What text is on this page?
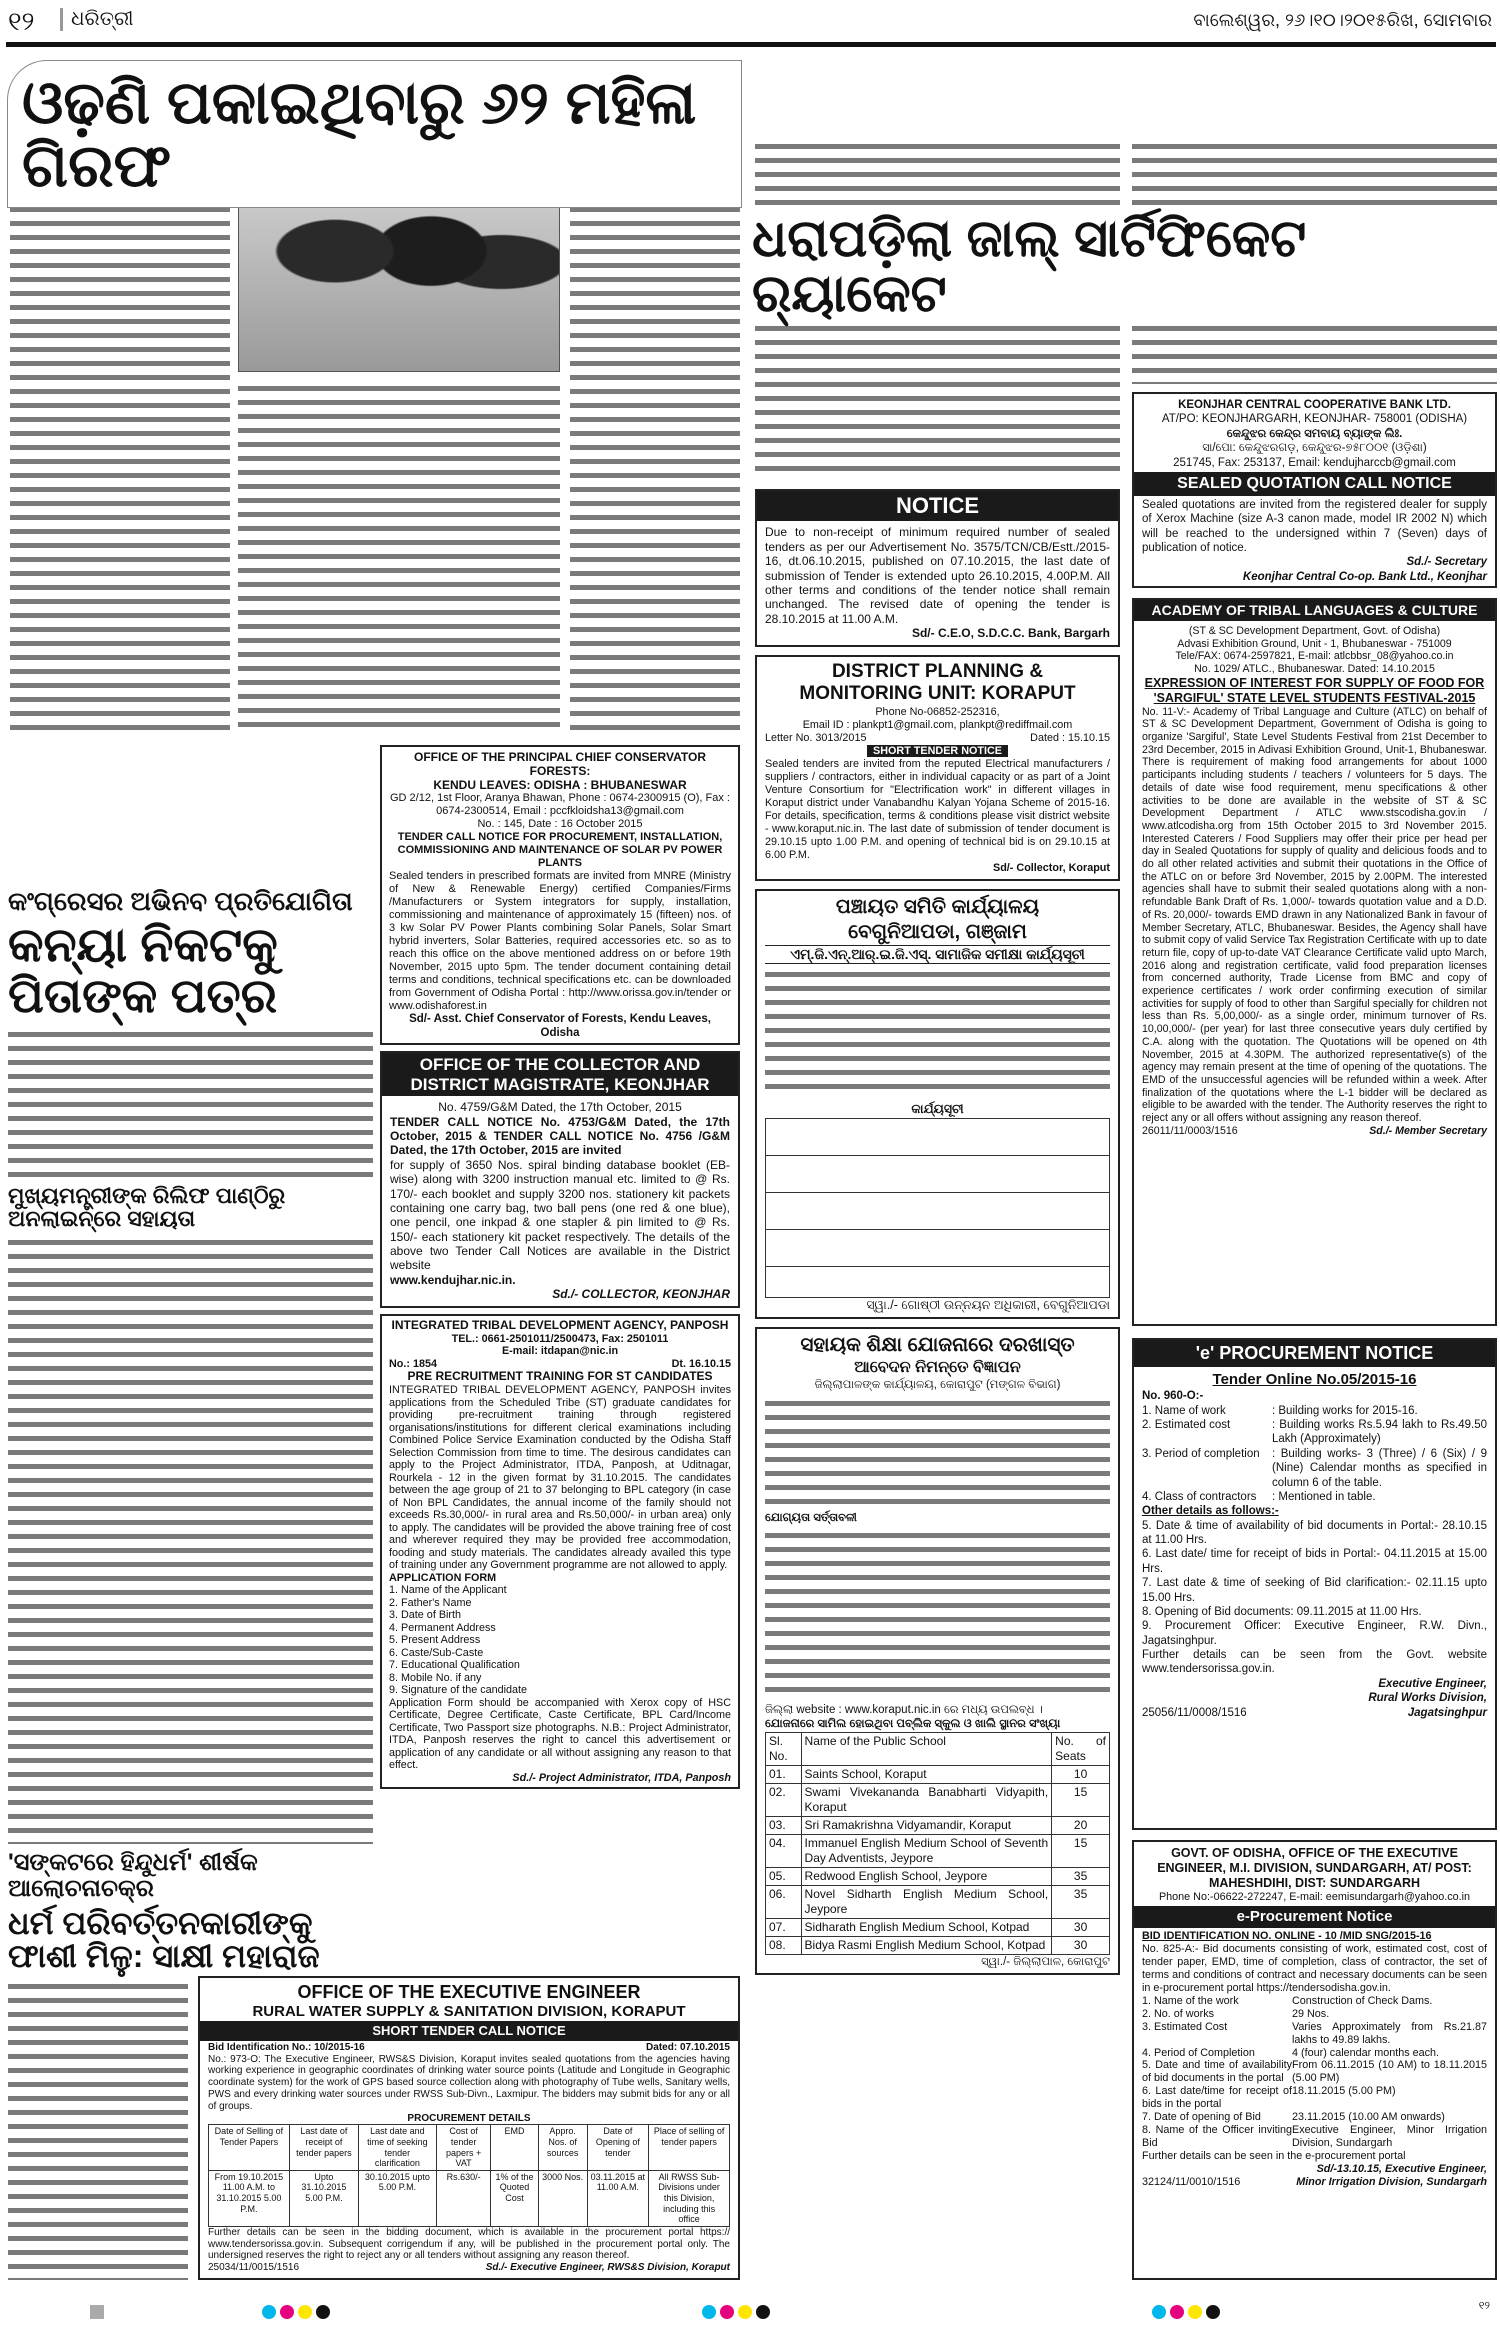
୧୨	ଧରିତ୍ରୀ	ବାଲେଶ୍ୱର, ୨୬।୧୦।୨୦୧୫ରିଖ, ସୋମବାର
ଓଢ଼ଣି ପକାଇଥିବାରୁ ୬୨ ମହିଳା ଗିରଫ
ଧରାପଡ଼ିଲା ଜାଲ୍ ସାର୍ଟିଫିକେଟ ର‌୍ୟାକେଟ
କଂଗ୍ରେସର ଅଭିନବ ପ୍ରତିଯୋଗିତା
କନ୍ୟା ନିକଟକୁ ପିତାଙ୍କ ପତ୍ର
ମୁଖ୍ୟମନ୍ତ୍ରୀଙ୍କ ରିଲିଫ ପାଣ୍ଠିରୁ ଅନଲାଇନ୍‌ରେ ସହାୟତା
'ସଙ୍କଟରେ ହିନ୍ଦୁଧର୍ମ' ଶୀର୍ଷକ ଆଲୋଚନାଚକ୍ର
ଧର୍ମ ପରିବର୍ତ୍ତନକାରୀଙ୍କୁ ଫାଶୀ ମିଳୁ: ସାକ୍ଷୀ ମହାରାଜ
OFFICE OF THE PRINCIPAL CHIEF CONSERVATOR FORESTS:
KENDU LEAVES: ODISHA : BHUBANESWAR
GD 2/12, 1st Floor, Aranya Bhawan, Phone : 0674-2300915 (O), Fax : 0674-2300514, Email : pccfkloidsha13@gmail.com
No. : 145, Date : 16 October 2015
TENDER CALL NOTICE FOR PROCUREMENT, INSTALLATION, COMMISSIONING AND MAINTENANCE OF SOLAR PV POWER PLANTS
Sealed tenders in prescribed formats are invited from MNRE (Ministry of New & Renewable Energy) certified Companies/Firms /Manufacturers or System integrators for supply, installation, commissioning and maintenance of approximately 15 (fifteen) nos. of 3 kw Solar PV Power Plants combining Solar Panels, Solar Smart hybrid inverters, Solar Batteries, required accessories etc. so as to reach this office on the above mentioned address on or before 19th November, 2015 upto 5pm. The tender document containing detail terms and conditions, technical specifications etc. can be downloaded from Government of Odisha Portal : http://www.orissa.gov.in/tender or www.odishaforest.in
Sd/- Asst. Chief Conservator of Forests, Kendu Leaves, Odisha
OFFICE OF THE COLLECTOR AND DISTRICT MAGISTRATE, KEONJHAR
No. 4759/G&M Dated, the 17th October, 2015
TENDER CALL NOTICE No. 4753/G&M Dated, the 17th October, 2015 & TENDER CALL NOTICE No. 4756 /G&M Dated, the 17th October, 2015 are invited
for supply of 3650 Nos. spiral binding database booklet (EB-wise) along with 3200 instruction manual etc. limited to @ Rs. 170/- each booklet and supply 3200 nos. stationery kit packets containing one carry bag, two ball pens (one red & one blue), one pencil, one inkpad & one stapler & pin limited to @ Rs. 150/- each stationery kit packet respectively. The details of the above two Tender Call Notices are available in the District website
www.kendujhar.nic.in.
Sd./- COLLECTOR, KEONJHAR
INTEGRATED TRIBAL DEVELOPMENT AGENCY, PANPOSH
TEL.: 0661-2501011/2500473, Fax: 2501011
E-mail: itdapan@nic.in
No.: 1854	Dt. 16.10.15
PRE RECRUITMENT TRAINING FOR ST CANDIDATES
INTEGRATED TRIBAL DEVELOPMENT AGENCY, PANPOSH invites applications from the Scheduled Tribe (ST) graduate candidates for providing pre-recruitment training through registered organisations/institutions for different clerical examinations including Combined Police Service Examination conducted by the Odisha Staff Selection Commission from time to time. The desirous candidates can apply to the Project Administrator, ITDA, Panposh, at Uditnagar, Rourkela - 12 in the given format by 31.10.2015. The candidates between the age group of 21 to 37 belonging to BPL category (in case of Non BPL Candidates, the annual income of the family should not exceeds Rs.30,000/- in rural area and Rs.50,000/- in urban area) only to apply. The candidates will be provided the above training free of cost and wherever required they may be provided free accommodation, fooding and study materials. The candidates already availed this type of training under any Government programme are not allowed to apply.
APPLICATION FORM
1. Name of the Applicant
2. Father's Name
3. Date of Birth
4. Permanent Address
5. Present Address
6. Caste/Sub-Caste
7. Educational Qualification
8. Mobile No. if any
9. Signature of the candidate
Application Form should be accompanied with Xerox copy of HSC Certificate, Degree Certificate, Caste Certificate, BPL Card/Income Certificate, Two Passport size photographs. N.B.: Project Administrator, ITDA, Panposh reserves the right to cancel this advertisement or application of any candidate or all without assigning any reason to that effect.
Sd./- Project Administrator, ITDA, Panposh
OFFICE OF THE EXECUTIVE ENGINEER
RURAL WATER SUPPLY & SANITATION DIVISION, KORAPUT
SHORT TENDER CALL NOTICE
Bid Identification No.: 10/2015-16	Dated: 07.10.2015
No.: 973-O: The Executive Engineer, RWS&S Division, Koraput invites sealed quotations from the agencies having working experience in geographic coordinates of drinking water source points (Latitude and Longitude in Geographic coordinate system) for the work of GPS based source collection along with photography of Tube wells, Sanitary wells, PWS and every drinking water sources under RWSS Sub-Divn., Laxmipur. The bidders may submit bids for any or all of groups.
PROCUREMENT DETAILS
Date of Selling of Tender Papers	Last date of receipt of tender papers	Last date and time of seeking tender clarification	Cost of tender papers + VAT	EMD	Appro. Nos. of sources	Date of Opening of tender	Place of selling of tender papers
From 19.10.2015 11.00 A.M. to 31.10.2015 5.00 P.M.	Upto 31.10.2015 5.00 P.M.	30.10.2015 upto 5.00 P.M.	Rs.630/-	1% of the Quoted Cost	3000 Nos.	03.11.2015 at 11.00 A.M.	All RWSS Sub-Divisions under this Division, including this office
Further details can be seen in the bidding document, which is available in the procurement portal https:// www.tendersorissa.gov.in. Subsequent corrigendum if any, will be published in the procurement portal only. The undersigned reserves the right to reject any or all tenders without assigning any reason thereof.
25034/11/0015/1516	Sd./- Executive Engineer, RWS&S Division, Koraput
NOTICE
Due to non-receipt of minimum required number of sealed tenders as per our Advertisement No. 3575/TCN/CB/Estt./2015-16, dt.06.10.2015, published on 07.10.2015, the last date of submission of Tender is extended upto 26.10.2015, 4.00P.M. All other terms and conditions of the tender notice shall remain unchanged. The revised date of opening the tender is 28.10.2015 at 11.00 A.M.
Sd/- C.E.O, S.D.C.C. Bank, Bargarh
DISTRICT PLANNING &
MONITORING UNIT: KORAPUT
Phone No-06852-252316,
Email ID : plankpt1@gmail.com, plankpt@rediffmail.com
Letter No. 3013/2015	Dated : 15.10.15
SHORT TENDER NOTICE
Sealed tenders are invited from the reputed Electrical manufacturers / suppliers / contractors, either in individual capacity or as part of a Joint Venture Consortium for "Electrification work" in different villages in Koraput district under Vanabandhu Kalyan Yojana Scheme of 2015-16. For details, specification, terms & conditions please visit district website - www.koraput.nic.in. The last date of submission of tender document is 29.10.15 upto 1.00 P.M. and opening of technical bid is on 29.10.15 at 6.00 P.M.
Sd/- Collector, Koraput
ପଞ୍ଚାୟତ ସମିତି କାର୍ଯ୍ୟାଳୟ
ବେଗୁନିଆପଡା, ଗଞ୍ଜାମ
ଏମ୍.ଜି.ଏନ୍.ଆର୍.ଇ.ଜି.ଏସ୍. ସାମାଜିକ ସମୀକ୍ଷା କାର୍ଯ୍ୟସୂଚୀ
କାର୍ଯ୍ୟସୂଚୀ
ସ୍ୱା./- ଗୋଷ୍ଠୀ ଉନ୍ନୟନ ଅଧିକାରୀ, ବେଗୁନିଆପଡା
ସହାୟକ ଶିକ୍ଷା ଯୋଜନାରେ ଦରଖାସ୍ତ
ଆବେଦନ ନିମନ୍ତେ ବିଜ୍ଞାପନ
ଜିଲ୍ଲାପାଳଙ୍କ କାର୍ଯ୍ୟାଳୟ, କୋରାପୁଟ (ମଙ୍ଗଳ ବିଭାଗ)
ଯୋଗ୍ୟତା ସର୍ତ୍ତାବଳୀ
ଜିଲ୍ଲା website : www.koraput.nic.in ରେ ମଧ୍ୟ ଉପଲବ୍ଧ ।
ଯୋଜନାରେ ସାମିଲ ହୋଇଥିବା ପବ୍ଲିକ ସ୍କୁଲ ଓ ଖାଲି ସ୍ଥାନର ସଂଖ୍ୟା
Sl. No.	Name of the Public School	No. of Seats
01.	Saints School, Koraput	10
02.	Swami Vivekananda Banabharti Vidyapith, Koraput	15
03.	Sri Ramakrishna Vidyamandir, Koraput	20
04.	Immanuel English Medium School of Seventh Day Adventists, Jeypore	15
05.	Redwood English School, Jeypore	35
06.	Novel Sidharth English Medium School, Jeypore	35
07.	Sidharath English Medium School, Kotpad	30
08.	Bidya Rasmi English Medium School, Kotpad	30
ସ୍ୱା./- ଜିଲ୍ଲାପାଳ, କୋରାପୁଟ
KEONJHAR CENTRAL COOPERATIVE BANK LTD.
AT/PO: KEONJHARGARH, KEONJHAR- 758001 (ODISHA)
କେନ୍ଦୁଝର କେନ୍ଦ୍ର ସମବାୟ ବ୍ୟାଙ୍କ ଲିଃ.
ସା/ପୋ: କେନ୍ଦୁଝରଗଡ଼, କେନ୍ଦୁଝର-୭୫୮୦୦୧ (ଓଡ଼ିଶା)
251745, Fax: 253137, Email: kendujharccb@gmail.com
SEALED QUOTATION CALL NOTICE
Sealed quotations are invited from the registered dealer for supply of Xerox Machine (size A-3 canon made, model IR 2002 N) which will be reached to the undersigned within 7 (Seven) days of publication of notice.
Sd./- Secretary
Keonjhar Central Co-op. Bank Ltd., Keonjhar
ACADEMY OF TRIBAL LANGUAGES & CULTURE
(ST & SC Development Department, Govt. of Odisha)
Advasi Exhibition Ground, Unit - 1, Bhubaneswar - 751009
Tele/FAX: 0674-2597821, E-mail: atlcbbsr_08@yahoo.co.in
No. 1029/ ATLC., Bhubaneswar. Dated: 14.10.2015
EXPRESSION OF INTEREST FOR SUPPLY OF FOOD FOR 'SARGIFUL' STATE LEVEL STUDENTS FESTIVAL-2015
No. 11-V:- Academy of Tribal Language and Culture (ATLC) on behalf of ST & SC Development Department, Government of Odisha is going to organize 'Sargiful', State Level Students Festival from 21st December to 23rd December, 2015 in Adivasi Exhibition Ground, Unit-1, Bhubaneswar. There is requirement of making food arrangements for about 1000 participants including students / teachers / volunteers for 5 days. The details of date wise food requirement, menu specifications & other activities to be done are available in the website of ST & SC Development Department / ATLC www.stscodisha.gov.in / www.atlcodisha.org from 15th October 2015 to 3rd November 2015. Interested Caterers / Food Suppliers may offer their price per head per day in Sealed Quotations for supply of quality and delicious foods and to do all other related activities and submit their quotations in the Office of the ATLC on or before 3rd November, 2015 by 2.00PM. The interested agencies shall have to submit their sealed quotations along with a non-refundable Bank Draft of Rs. 1,000/- towards quotation value and a D.D. of Rs. 20,000/- towards EMD drawn in any Nationalized Bank in favour of Member Secretary, ATLC, Bhubaneswar. Besides, the Agency shall have to submit copy of valid Service Tax Registration Certificate with up to date return file, copy of up-to-date VAT Clearance Certificate valid upto March, 2016 along and registration certificate, valid food preparation licenses from concerned authority, Trade License from BMC and copy of experience certificates / work order confirming execution of similar activities for supply of food to other than Sargiful specially for children not less than Rs. 5,00,000/- as a single order, minimum turnover of Rs. 10,00,000/- (per year) for last three consecutive years duly certified by C.A. along with the quotation. The Quotations will be opened on 4th November, 2015 at 4.30PM. The authorized representative(s) of the agency may remain present at the time of opening of the quotations. The EMD of the unsuccessful agencies will be refunded within a week. After finalization of the quotations where the L-1 bidder will be declared as eligible to be awarded with the tender. The Authority reserves the right to reject any or all offers without assigning any reason thereof.
26011/11/0003/1516	Sd./- Member Secretary
'e' PROCUREMENT NOTICE
Tender Online No.05/2015-16
No. 960-O:-
1. Name of work	: Building works for 2015-16.
2. Estimated cost	: Building works Rs.5.94 lakh to Rs.49.50 Lakh (Approximately)
3. Period of completion	: Building works- 3 (Three) / 6 (Six) / 9 (Nine) Calendar months as specified in column 6 of the table.
4. Class of contractors	: Mentioned in table.
Other details as follows:-
5. Date & time of availability of bid documents in Portal:- 28.10.15 at 11.00 Hrs.
6. Last date/ time for receipt of bids in Portal:- 04.11.2015 at 15.00 Hrs.
7. Last date & time of seeking of Bid clarification:- 02.11.15 upto 15.00 Hrs.
8. Opening of Bid documents: 09.11.2015 at 11.00 Hrs.
9. Procurement Officer: Executive Engineer, R.W. Divn., Jagatsinghpur.
Further details can be seen from the Govt. website www.tendersorissa.gov.in.
Executive Engineer,
Rural Works Division,
25056/11/0008/1516	Jagatsinghpur
GOVT. OF ODISHA, OFFICE OF THE EXECUTIVE ENGINEER, M.I. DIVISION, SUNDARGARH, AT/ POST: MAHESHDIHI, DIST: SUNDARGARH
Phone No:-06622-272247, E-mail: eemisundargarh@yahoo.co.in
e-Procurement Notice
BID IDENTIFICATION NO. ONLINE - 10 /MID SNG/2015-16
No. 825-A:- Bid documents consisting of work, estimated cost, cost of tender paper, EMD, time of completion, class of contractor, the set of terms and conditions of contract and necessary documents can be seen in e-procurement portal https://tendersodisha.gov.in.
1. Name of the work	Construction of Check Dams.
2. No. of works	29 Nos.
3. Estimated Cost	Varies Approximately from Rs.21.87 lakhs to 49.89 lakhs.
4. Period of Completion	4 (four) calendar months each.
5. Date and time of availability of bid documents in the portal
From 06.11.2015 (10 AM) to 18.11.2015 (5.00 PM)
6. Last date/time for receipt of bids in the portal
18.11.2015 (5.00 PM)
7. Date of opening of Bid	23.11.2015 (10.00 AM onwards)
8. Name of the Officer inviting Bid
Executive Engineer, Minor Irrigation Division, Sundargarh
Further details can be seen in the e-procurement portal
Sd/-13.10.15, Executive Engineer,
32124/11/0010/1516	Minor Irrigation Division, Sundargarh
୧୨
